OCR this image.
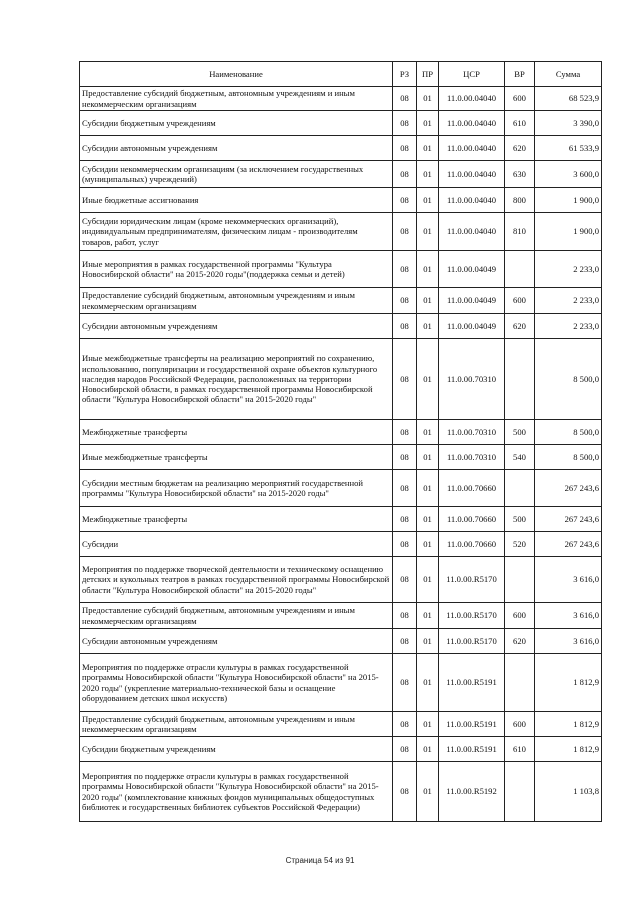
Наименование	РЗ	ПР	ЦСР	ВР	Сумма
Предоставление субсидий бюджетным, автономным учреждениям и иным некоммерческим организациям	08	01	11.0.00.04040	600	68 523,9
Субсидии бюджетным учреждениям	08	01	11.0.00.04040	610	3 390,0
Субсидии автономным учреждениям	08	01	11.0.00.04040	620	61 533,9
Субсидии некоммерческим организациям (за исключением государственных (муниципальных) учреждений)	08	01	11.0.00.04040	630	3 600,0
Иные бюджетные ассигнования	08	01	11.0.00.04040	800	1 900,0
Субсидии юридическим лицам (кроме некоммерческих организаций), индивидуальным предпринимателям, физическим лицам - производителям товаров, работ, услуг	08	01	11.0.00.04040	810	1 900,0
Иные мероприятия в рамках государственной программы "Культура Новосибирской области" на 2015-2020 годы"(поддержка семьи и детей)	08	01	11.0.00.04049		2 233,0
Предоставление субсидий бюджетным, автономным учреждениям и иным некоммерческим организациям	08	01	11.0.00.04049	600	2 233,0
Субсидии автономным учреждениям	08	01	11.0.00.04049	620	2 233,0
Иные межбюджетные трансферты на реализацию мероприятий по сохранению, использованию, популяризации и государственной охране объектов культурного наследия народов Российской Федерации, расположенных на территории Новосибирской области, в рамках государственной программы Новосибирской области "Культура Новосибирской области" на 2015-2020 годы"	08	01	11.0.00.70310		8 500,0
Межбюджетные трансферты	08	01	11.0.00.70310	500	8 500,0
Иные межбюджетные трансферты	08	01	11.0.00.70310	540	8 500,0
Субсидии местным бюджетам на реализацию мероприятий государственной программы "Культура Новосибирской области" на 2015-2020 годы"	08	01	11.0.00.70660		267 243,6
Межбюджетные трансферты	08	01	11.0.00.70660	500	267 243,6
Субсидии	08	01	11.0.00.70660	520	267 243,6
Мероприятия по поддержке творческой деятельности и техническому оснащению детских и кукольных театров в рамках государственной программы Новосибирской области "Культура Новосибирской области" на 2015-2020 годы"	08	01	11.0.00.R5170		3 616,0
Предоставление субсидий бюджетным, автономным учреждениям и иным некоммерческим организациям	08	01	11.0.00.R5170	600	3 616,0
Субсидии автономным учреждениям	08	01	11.0.00.R5170	620	3 616,0
Мероприятия по поддержке отрасли культуры в рамках государственной программы Новосибирской области "Культура Новосибирской области" на 2015-2020 годы" (укрепление материально-технической базы и оснащение оборудованием детских школ искусств)	08	01	11.0.00.R5191		1 812,9
Предоставление субсидий бюджетным, автономным учреждениям и иным некоммерческим организациям	08	01	11.0.00.R5191	600	1 812,9
Субсидии бюджетным учреждениям	08	01	11.0.00.R5191	610	1 812,9
Мероприятия по поддержке отрасли культуры в рамках государственной программы Новосибирской области "Культура Новосибирской области" на 2015-2020 годы" (комплектование книжных фондов муниципальных общедоступных библиотек и государственных библиотек субъектов Российской Федерации)	08	01	11.0.00.R5192		1 103,8
Страница 54 из 91
